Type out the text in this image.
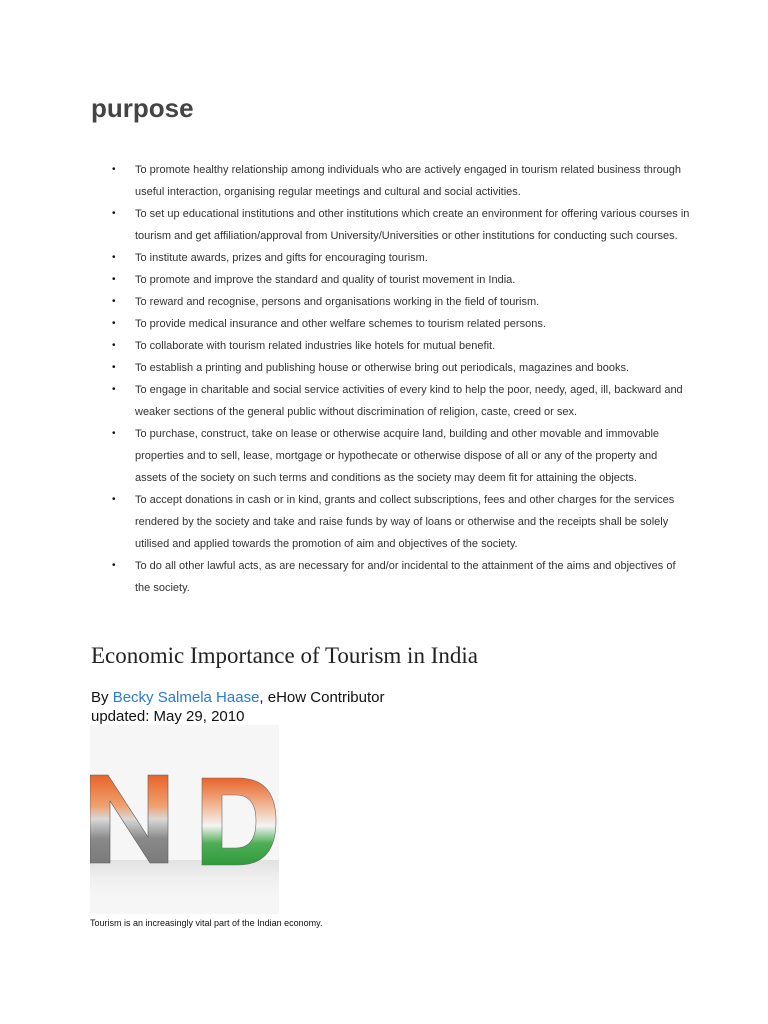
purpose
• To promote healthy relationship among individuals who are actively engaged in tourism related business through useful interaction, organising regular meetings and cultural and social activities.
• To set up educational institutions and other institutions which create an environment for offering various courses in tourism and get affiliation/approval from University/Universities or other institutions for conducting such courses.
• To institute awards, prizes and gifts for encouraging tourism.
• To promote and improve the standard and quality of tourist movement in India.
• To reward and recognise, persons and organisations working in the field of tourism.
• To provide medical insurance and other welfare schemes to tourism related persons.
• To collaborate with tourism related industries like hotels for mutual benefit.
• To establish a printing and publishing house or otherwise bring out periodicals, magazines and books.
• To engage in charitable and social service activities of every kind to help the poor, needy, aged, ill, backward and weaker sections of the general public without discrimination of religion, caste, creed or sex.
• To purchase, construct, take on lease or otherwise acquire land, building and other movable and immovable properties and to sell, lease, mortgage or hypothecate or otherwise dispose of all or any of the property and assets of the society on such terms and conditions as the society may deem fit for attaining the objects.
• To accept donations in cash or in kind, grants and collect subscriptions, fees and other charges for the services rendered by the society and take and raise funds by way of loans or otherwise and the receipts shall be solely utilised and applied towards the promotion of aim and objectives of the society.
• To do all other lawful acts, as are necessary for and/or incidental to the attainment of the aims and objectives of the society.
Economic Importance of Tourism in India
By Becky Salmela Haase, eHow Contributor
updated: May 29, 2010
Tourism is an increasingly vital part of the Indian economy.
